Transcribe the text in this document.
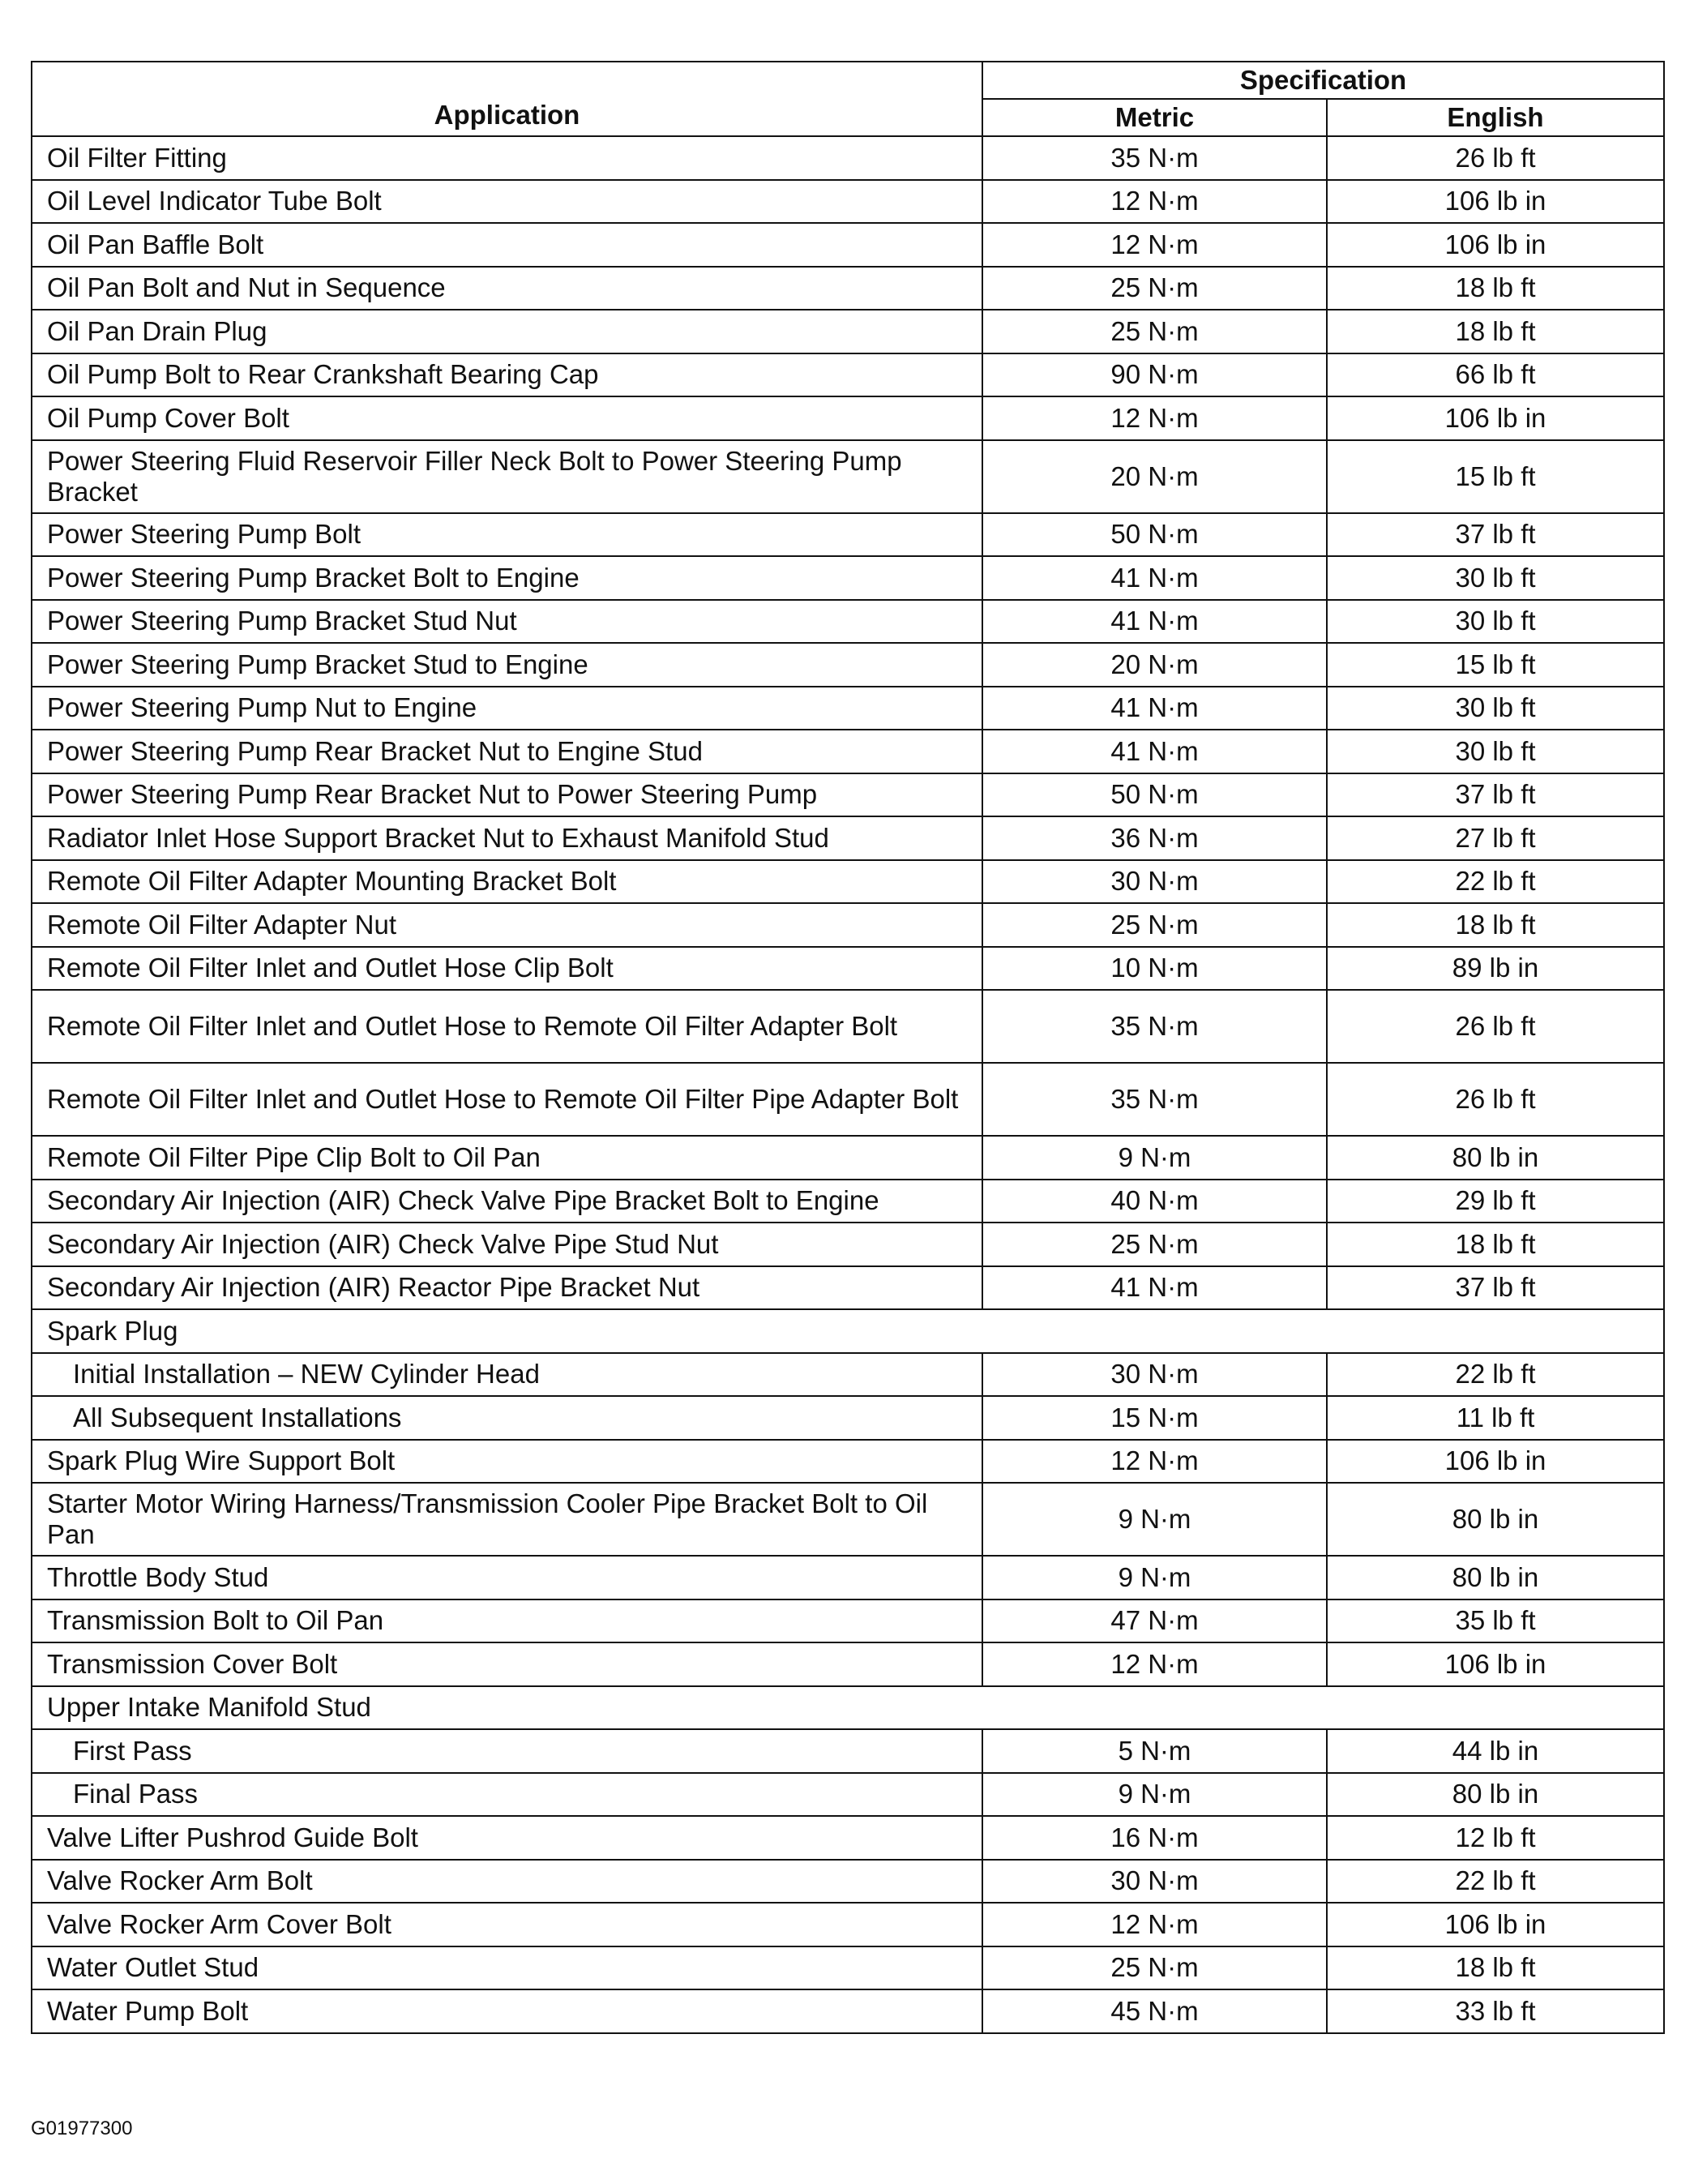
Application	Specification	
	Metric	English
Oil Filter Fitting	35 N·m	26 lb ft
Oil Level Indicator Tube Bolt	12 N·m	106 lb in
Oil Pan Baffle Bolt	12 N·m	106 lb in
Oil Pan Bolt and Nut in Sequence	25 N·m	18 lb ft
Oil Pan Drain Plug	25 N·m	18 lb ft
Oil Pump Bolt to Rear Crankshaft Bearing Cap	90 N·m	66 lb ft
Oil Pump Cover Bolt	12 N·m	106 lb in
Power Steering Fluid Reservoir Filler Neck Bolt to Power Steering Pump Bracket	20 N·m	15 lb ft
Power Steering Pump Bolt	50 N·m	37 lb ft
Power Steering Pump Bracket Bolt to Engine	41 N·m	30 lb ft
Power Steering Pump Bracket Stud Nut	41 N·m	30 lb ft
Power Steering Pump Bracket Stud to Engine	20 N·m	15 lb ft
Power Steering Pump Nut to Engine	41 N·m	30 lb ft
Power Steering Pump Rear Bracket Nut to Engine Stud	41 N·m	30 lb ft
Power Steering Pump Rear Bracket Nut to Power Steering Pump	50 N·m	37 lb ft
Radiator Inlet Hose Support Bracket Nut to Exhaust Manifold Stud	36 N·m	27 lb ft
Remote Oil Filter Adapter Mounting Bracket Bolt	30 N·m	22 lb ft
Remote Oil Filter Adapter Nut	25 N·m	18 lb ft
Remote Oil Filter Inlet and Outlet Hose Clip Bolt	10 N·m	89 lb in
Remote Oil Filter Inlet and Outlet Hose to Remote Oil Filter Adapter Bolt	35 N·m	26 lb ft
Remote Oil Filter Inlet and Outlet Hose to Remote Oil Filter Pipe Adapter Bolt	35 N·m	26 lb ft
Remote Oil Filter Pipe Clip Bolt to Oil Pan	9 N·m	80 lb in
Secondary Air Injection (AIR) Check Valve Pipe Bracket Bolt to Engine	40 N·m	29 lb ft
Secondary Air Injection (AIR) Check Valve Pipe Stud Nut	25 N·m	18 lb ft
Secondary Air Injection (AIR) Reactor Pipe Bracket Nut	41 N·m	37 lb ft
Spark Plug		
Initial Installation – NEW Cylinder Head	30 N·m	22 lb ft
All Subsequent Installations	15 N·m	11 lb ft
Spark Plug Wire Support Bolt	12 N·m	106 lb in
Starter Motor Wiring Harness/Transmission Cooler Pipe Bracket Bolt to Oil Pan	9 N·m	80 lb in
Throttle Body Stud	9 N·m	80 lb in
Transmission Bolt to Oil Pan	47 N·m	35 lb ft
Transmission Cover Bolt	12 N·m	106 lb in
Upper Intake Manifold Stud		
First Pass	5 N·m	44 lb in
Final Pass	9 N·m	80 lb in
Valve Lifter Pushrod Guide Bolt	16 N·m	12 lb ft
Valve Rocker Arm Bolt	30 N·m	22 lb ft
Valve Rocker Arm Cover Bolt	12 N·m	106 lb in
Water Outlet Stud	25 N·m	18 lb ft
Water Pump Bolt	45 N·m	33 lb ft
G01977300
